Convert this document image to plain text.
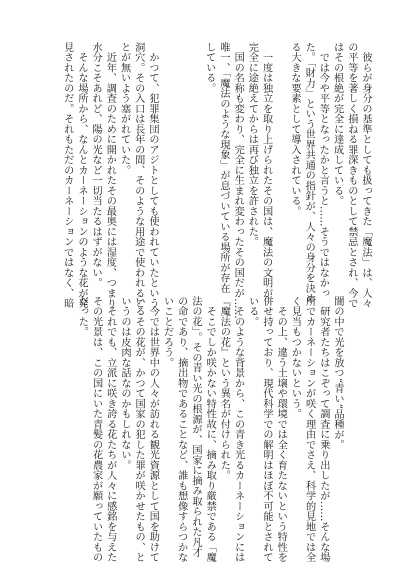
　彼らが身分の基準としても扱ってきた「魔法」は、人々
の平等を著しく損ねる罪深きものとして禁忌とされ、今で
はその根絶が完全に達成している。
　では今や平等となったかと言うと……そうではなかっ
た。「財力」という世界共通の指針が、人々の身分を決め
る大きな要素として導入されている。

　一度は独立を取り上げられたその国は、魔法の文明が
完全に途絶えてからは再び独立を許された。
　国の名称も変わり、完全に生まれ変わったその国だが……
唯一、「魔法のような現象」が息づいている場所が存在
している。

　かつて、犯罪集団のアジトとしても使われていたという
洞穴。その入口は長年の間、そのような用途で使われるこ
とが無いよう塞がれていた。
　近年、調査のために開かれたその最奥には湿度、つまり
水分こそあれど、陽の光など一切当たるはずがない。
　そんな場所から、なんとカーネーションのような花が発
見されたのだ。それもただのカーネーションではなく、暗
闇の中で光を放つ“青い”品種が。
　研究者たちはこぞって調査に乗り出したが……そんな場
所でカーネーションが咲く理由でさえ、科学的見地では全
く見当もつかないという。
　その上、違う土壌や環境では全く育たないという特性を
併せ持っており、現代科学での解明はほぼ不可能とされて
いる。
　そのような背景から、この青き光るカーネーションには
『魔法の花』という異名が付けられた。
　そこでしか咲かない特性故に、摘み取り厳禁である「魔
法の花」。その青い光の根源が、国家に摘み取られた凡才
の命であり、摘出物であることなど、誰も想像すらつかな
いことだろう。
　今では世界中の人々が訪れる観光資源として国を助けて
いるその花が、かつて国家の犯した罪が咲かせたもの、と
いうのは皮肉な話なのかもしれない。
　それでも、立派に咲き誇る花たちが人々に感銘を与えた
その光景は、この国にいた青髪の花農家が願っていたもの
だった。
